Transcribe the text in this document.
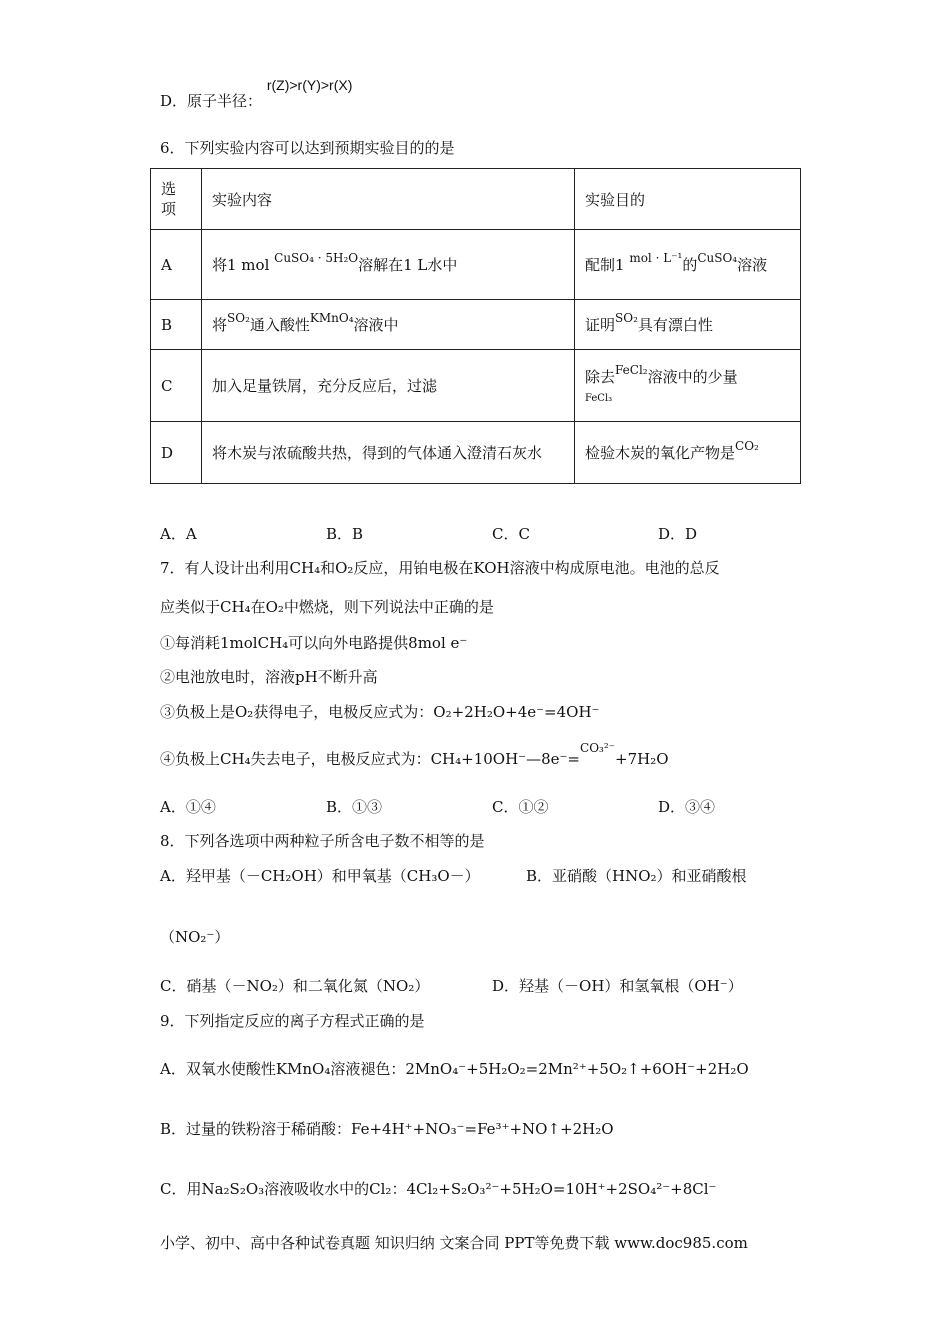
D．原子半径： r(Z)>r(Y)>r(X)
6．下列实验内容可以达到预期实验目的的是
选项	实验内容	实验目的
A	将1 mol $^{CuSO_4 \cdot 5H_2O}$溶解在1 L水中	配制1 $^{mol \cdot L^{-1}}$的$^{CuSO_4}$溶液
B	将$^{SO_2}$通入酸性$^{KMnO_4}$溶液中	证明$^{SO_2}$具有漂白性
C	加入足量铁屑，充分反应后，过滤	除去$^{FeCl_2}$溶液中的少量
FeCl₃
D	将木炭与浓硫酸共热，得到的气体通入澄清石灰水	检验木炭的氧化产物是$^{CO_2}$
A．A	B．B	C．C	D．D
7．有人设计出利用CH₄和O₂反应，用铂电极在KOH溶液中构成原电池。电池的总反
应类似于CH₄在O₂中燃烧，则下列说法中正确的是
①每消耗1molCH₄可以向外电路提供8mol e⁻
②电池放电时，溶液pH不断升高
③负极上是O₂获得电子，电极反应式为：O₂+2H₂O+4e⁻=4OH⁻
④负极上CH₄失去电子，电极反应式为：CH₄+10OH⁻—8e⁻=$^{CO_3^{2-}}$+7H₂O
A．①④	B．①③	C．①②	D．③④
8．下列各选项中两种粒子所含电子数不相等的是
A．羟甲基（－CH₂OH）和甲氧基（CH₃O－）	B．亚硝酸（HNO₂）和亚硝酸根
（NO₂⁻）
C．硝基（－NO₂）和二氧化氮（NO₂）	D．羟基（－OH）和氢氧根（OH⁻）
9．下列指定反应的离子方程式正确的是
A．双氧水使酸性KMnO₄溶液褪色：2MnO₄⁻+5H₂O₂=2Mn²⁺+5O₂↑+6OH⁻+2H₂O
B．过量的铁粉溶于稀硝酸：Fe+4H⁺+NO₃⁻=Fe³⁺+NO↑+2H₂O
C．用Na₂S₂O₃溶液吸收水中的Cl₂：4Cl₂+S₂O₃²⁻+5H₂O=10H⁺+2SO₄²⁻+8Cl⁻
小学、初中、高中各种试卷真题 知识归纳 文案合同 PPT等免费下载 www.doc985.com
